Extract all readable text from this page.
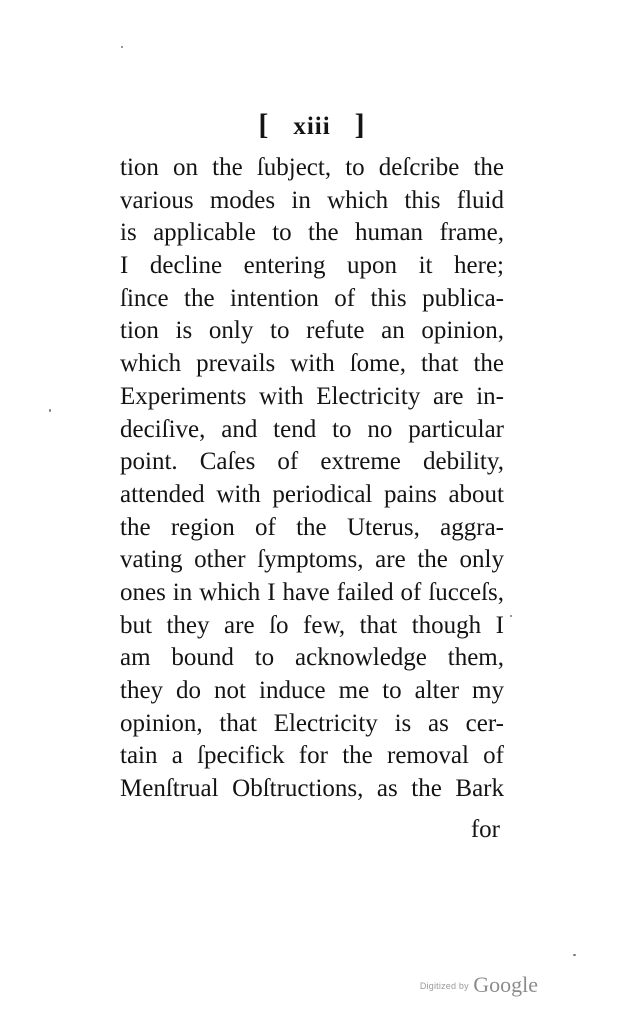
[ xiii ]
tion on the ſubject, to deſcribe the
various modes in which this fluid
is applicable to the human frame,
I decline entering upon it here;
ſince the intention of this publica-
tion is only to refute an opinion,
which prevails with ſome, that the
Experiments with Electricity are in-
deciſive, and tend to no particular
point. Caſes of extreme debility,
attended with periodical pains about
the region of the Uterus, aggra-
vating other ſymptoms, are the only
ones in which I have failed of ſucceſs,
but they are ſo few, that though I
am bound to acknowledge them,
they do not induce me to alter my
opinion, that Electricity is as cer-
tain a ſpecifick for the removal of
Menſtrual Obſtructions, as the Bark
for
Digitized by Google
